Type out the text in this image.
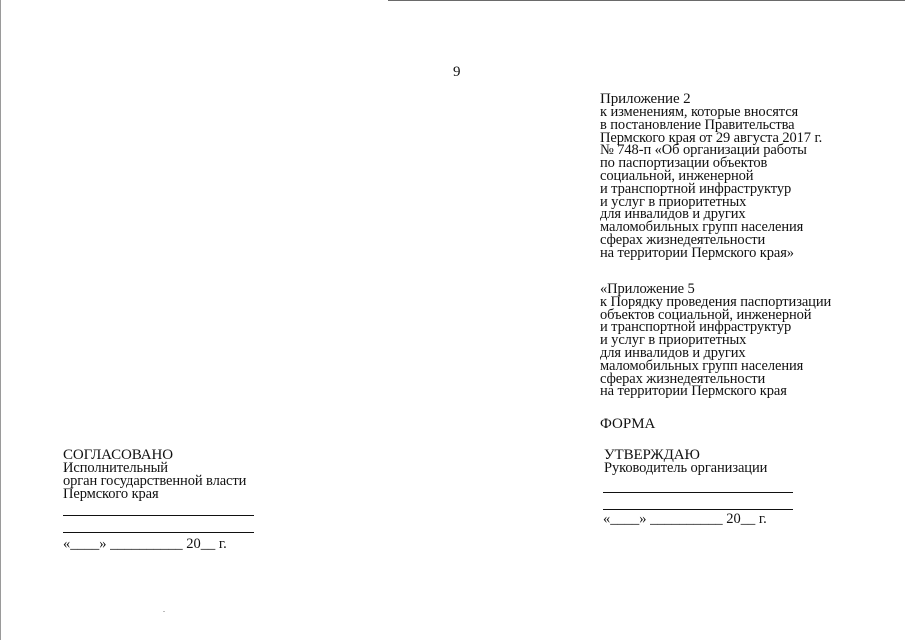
9
Приложение 2
к изменениям, которые вносятся
в постановление Правительства
Пермского края от 29 августа 2017 г.
№ 748-п «Об организации работы
по паспортизации объектов
социальной, инженерной
и транспортной инфраструктур
и услуг в приоритетных
для инвалидов и других
маломобильных групп населения
сферах жизнедеятельности
на территории Пермского края»
«Приложение 5
к Порядку проведения паспортизации
объектов социальной, инженерной
и транспортной инфраструктур
и услуг в приоритетных
для инвалидов и других
маломобильных групп населения
сферах жизнедеятельности
на территории Пермского края
ФОРМА
УТВЕРЖДАЮ
Руководитель организации
«____» __________ 20__ г.
СОГЛАСОВАНО
Исполнительный
орган государственной власти
Пермского края
«____» __________ 20__ г.
